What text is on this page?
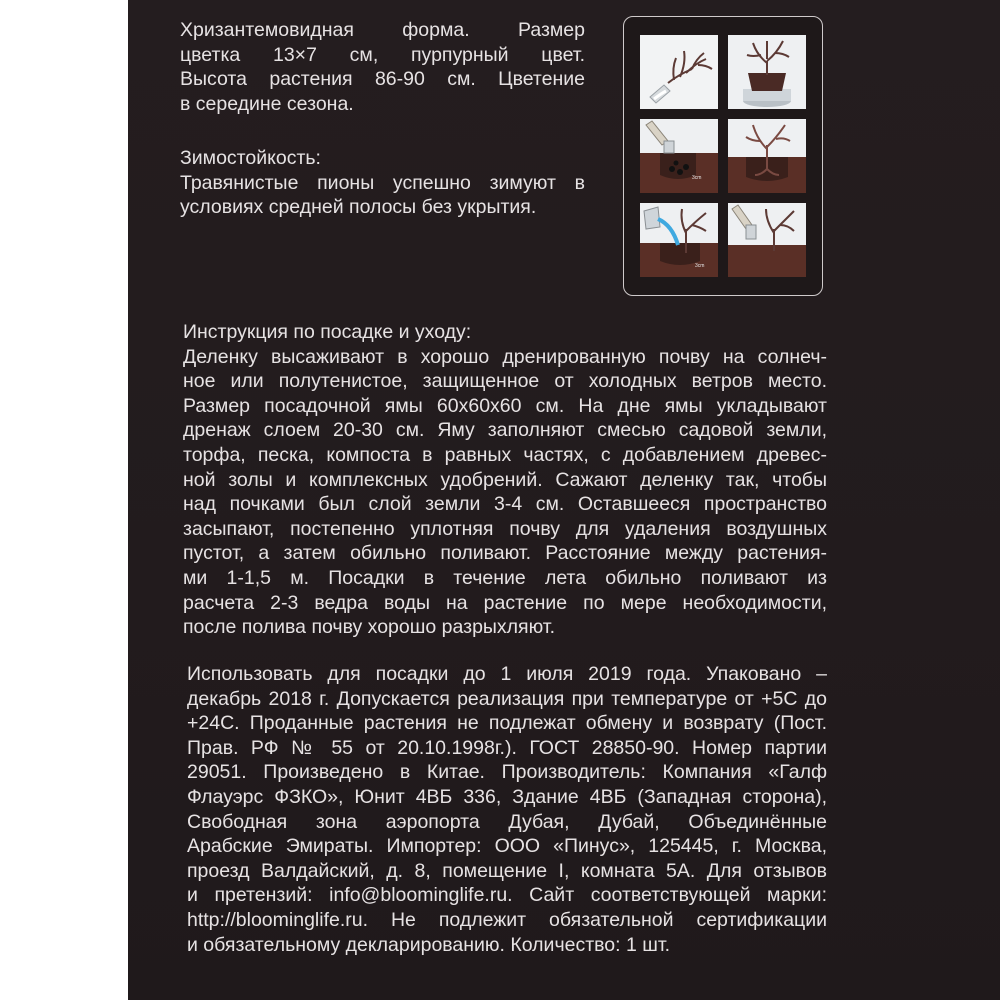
Хризантемовидная форма. Размер
цветка 13×7 см, пурпурный цвет.
Высота растения 86-90 см. Цветение
в середине сезона.

Зимостойкость:
Травянистые пионы успешно зимуют в
условиях средней полосы без укрытия.

Инструкция по посадке и уходу:
Деленку высаживают в хорошо дренированную почву на солнеч-
ное или полутенистое, защищенное от холодных ветров место.
Размер посадочной ямы 60х60х60 см. На дне ямы укладывают
дренаж слоем 20-30 см. Яму заполняют смесью садовой земли,
торфа, песка, компоста в равных частях, с добавлением древес-
ной золы и комплексных удобрений. Сажают деленку так, чтобы
над почками был слой земли 3-4 см. Оставшееся пространство
засыпают, постепенно уплотняя почву для удаления воздушных
пустот, а затем обильно поливают. Расстояние между растения-
ми 1-1,5 м. Посадки в течение лета обильно поливают из
расчета 2-3 ведра воды на растение по мере необходимости,
после полива почву хорошо разрыхляют.

Использовать для посадки до 1 июля 2019 года. Упаковано –
декабрь 2018 г. Допускается реализация при температуре от +5С до
+24С. Проданные растения не подлежат обмену и возврату (Пост.
Прав. РФ № 55 от 20.10.1998г.). ГОСТ 28850-90. Номер партии
29051. Произведено в Китае. Производитель: Компания «Галф
Флауэрс ФЗКО», Юнит 4ВБ 336, Здание 4ВБ (Западная сторона),
Свободная зона аэропорта Дубая, Дубай, Объединённые
Арабские Эмираты. Импортер: ООО «Пинус», 125445, г. Москва,
проезд Валдайский, д. 8, помещение I, комната 5А. Для отзывов
и претензий: info@bloominglife.ru. Сайт соответствующей марки:
http://bloominglife.ru. Не подлежит обязательной сертификации
и обязательному декларированию. Количество: 1 шт.

3cm
3cm
